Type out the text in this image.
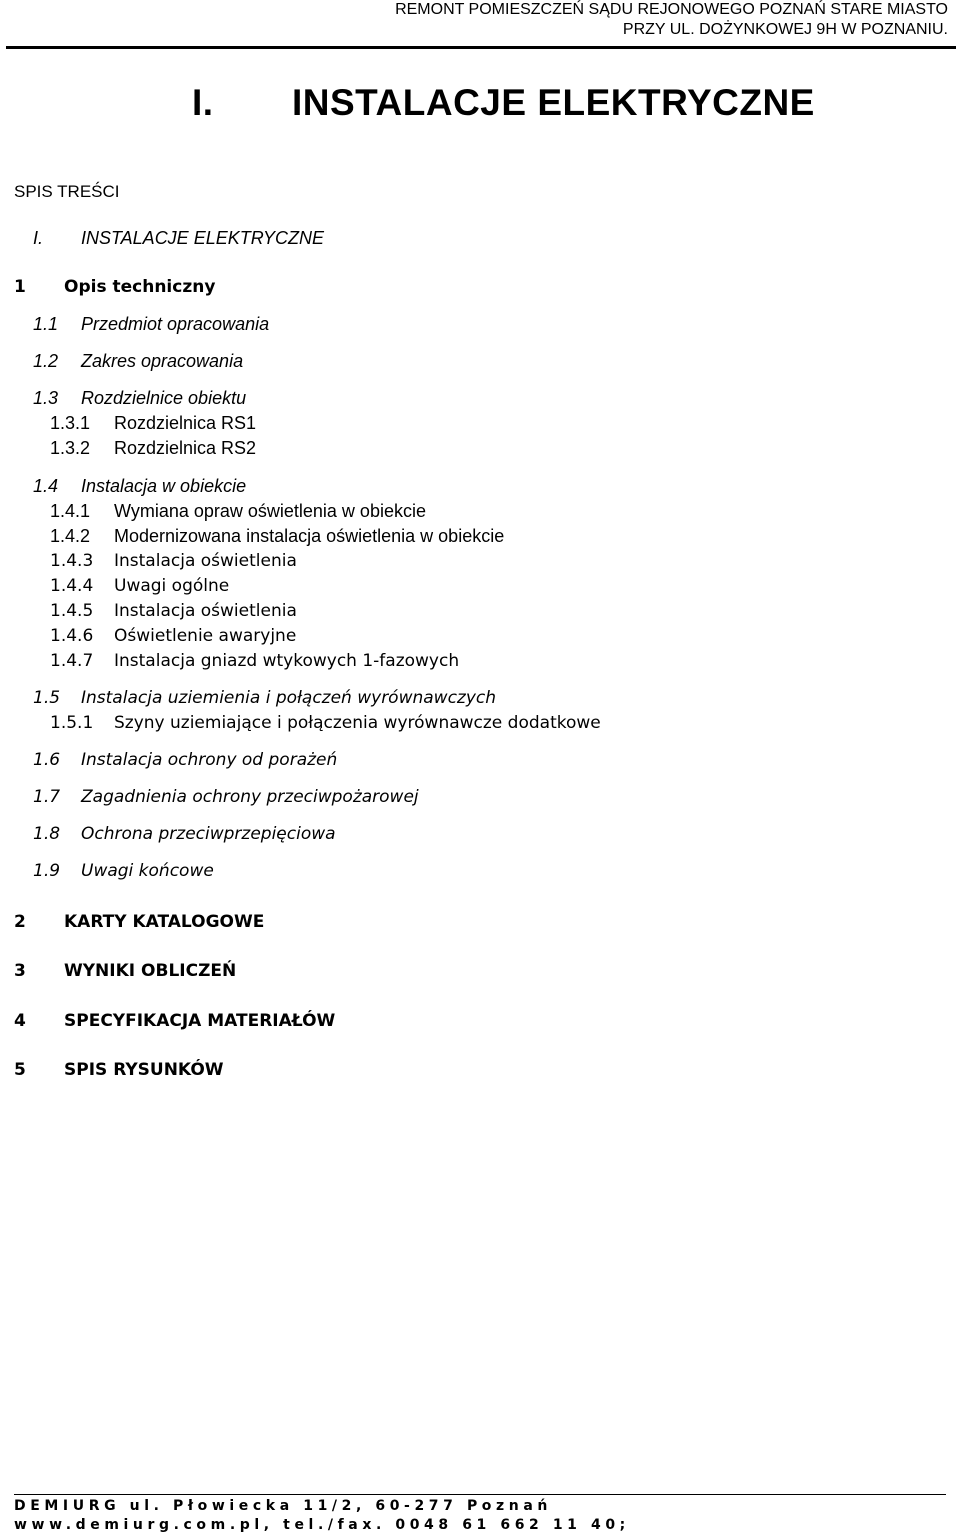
REMONT POMIESZCZEŃ SĄDU REJONOWEGO POZNAŃ STARE MIASTO
PRZY UL. DOŻYNKOWEJ 9H W POZNANIU.
I. INSTALACJE ELEKTRYCZNE
SPIS TREŚCI
I. INSTALACJE ELEKTRYCZNE
1 Opis techniczny
1.1 Przedmiot opracowania
1.2 Zakres opracowania
1.3 Rozdzielnice obiektu
1.3.1 Rozdzielnica RS1
1.3.2 Rozdzielnica RS2
1.4 Instalacja w obiekcie
1.4.1 Wymiana opraw oświetlenia w obiekcie
1.4.2 Modernizowana instalacja oświetlenia w obiekcie
1.4.3 Instalacja oświetlenia
1.4.4 Uwagi ogólne
1.4.5 Instalacja oświetlenia
1.4.6 Oświetlenie awaryjne
1.4.7 Instalacja gniazd wtykowych 1-fazowych
1.5 Instalacja uziemienia i połączeń wyrównawczych
1.5.1 Szyny uziemiające i połączenia wyrównawcze dodatkowe
1.6 Instalacja ochrony od porażeń
1.7 Zagadnienia ochrony przeciwpożarowej
1.8 Ochrona przeciwprzepięciowa
1.9 Uwagi końcowe
2 KARTY KATALOGOWE
3 WYNIKI OBLICZEŃ
4 SPECYFIKACJA MATERIAŁÓW
5 SPIS RYSUNKÓW
DEMIURG ul. Płowiecka 11/2, 60-277 Poznań
www.demiurg.com.pl, tel./fax. 0048 61 662 11 40;
